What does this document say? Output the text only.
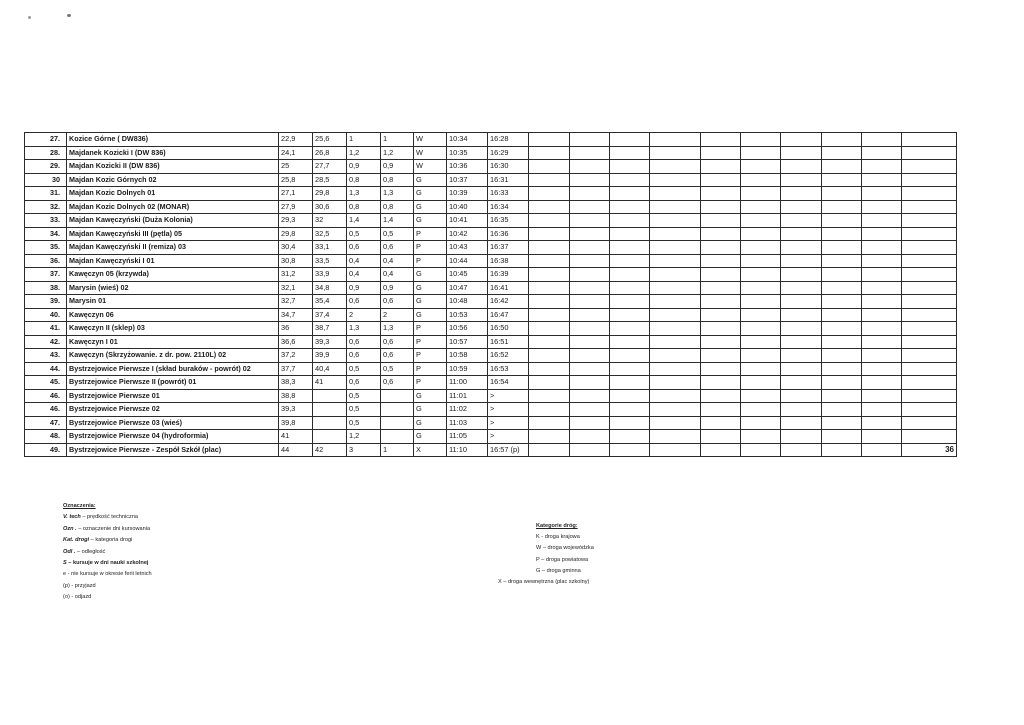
27.	Kozice Górne ( DW836)	22,9	25,6	1	1	W	10:34	16:28										
28.	Majdanek Kozicki I (DW 836)	24,1	26,8	1,2	1,2	W	10:35	16:29										
29.	Majdan Kozicki II (DW 836)	25	27,7	0,9	0,9	W	10:36	16:30										
30	Majdan Kozic Górnych 02	25,8	28,5	0,8	0,8	G	10:37	16:31										
31.	Majdan Kozic Dolnych 01	27,1	29,8	1,3	1,3	G	10:39	16:33										
32.	Majdan Kozic Dolnych 02 (MONAR)	27,9	30,6	0,8	0,8	G	10:40	16:34										
33.	Majdan Kawęczyński (Duża Kolonia)	29,3	32	1,4	1,4	G	10:41	16:35										
34.	Majdan Kawęczyński III (pętla) 05	29,8	32,5	0,5	0,5	P	10:42	16:36										
35.	Majdan Kawęczyński II (remiza) 03	30,4	33,1	0,6	0,6	P	10:43	16:37										
36.	Majdan Kawęczyński I 01	30,8	33,5	0,4	0,4	P	10:44	16:38										
37.	Kawęczyn 05 (krzywda)	31,2	33,9	0,4	0,4	G	10:45	16:39										
38.	Marysin (wieś) 02	32,1	34,8	0,9	0,9	G	10:47	16:41										
39.	Marysin 01	32,7	35,4	0,6	0,6	G	10:48	16:42										
40.	Kawęczyn 06	34,7	37,4	2	2	G	10:53	16:47										
41.	Kawęczyn II (sklep) 03	36	38,7	1,3	1,3	P	10:56	16:50										
42.	Kawęczyn I 01	36,6	39,3	0,6	0,6	P	10:57	16:51										
43.	Kawęczyn (Skrzyżowanie. z dr. pow. 2110L) 02	37,2	39,9	0,6	0,6	P	10:58	16:52										
44.	Bystrzejowice Pierwsze I (skład buraków - powrót) 02	37,7	40,4	0,5	0,5	P	10:59	16:53										
45.	Bystrzejowice Pierwsze II (powrót) 01	38,3	41	0,6	0,6	P	11:00	16:54										
46.	Bystrzejowice Pierwsze 01	38,8		0,5		G	11:01	>										
46.	Bystrzejowice Pierwsze 02	39,3		0,5		G	11:02	>										
47.	Bystrzejowice Pierwsze 03 (wieś)	39,8		0,5		G	11:03	>										
48.	Bystrzejowice Pierwsze 04 (hydroformia)	41		1,2		G	11:05	>										
49.	Bystrzejowice Pierwsze - Zespół Szkół (plac)	44	42	3	1	X	11:10	16:57 (p)										36
Oznaczenia:
V. tech – prędkość techniczna
Ozn . – oznaczenie dni kursowania
Kat. drogi – kategoria drogi
Odl . – odległość
S – kursuje w dni nauki szkolnej
e - nie kursuje w okresie ferii letnich
(p) - przyjazd
(o) - odjazd
Kategorie dróg:
K - droga krajowa
W – droga wojewódzka
P – droga powiatowa
G – droga gminna
X – droga wewnętrzna (plac szkolny)
